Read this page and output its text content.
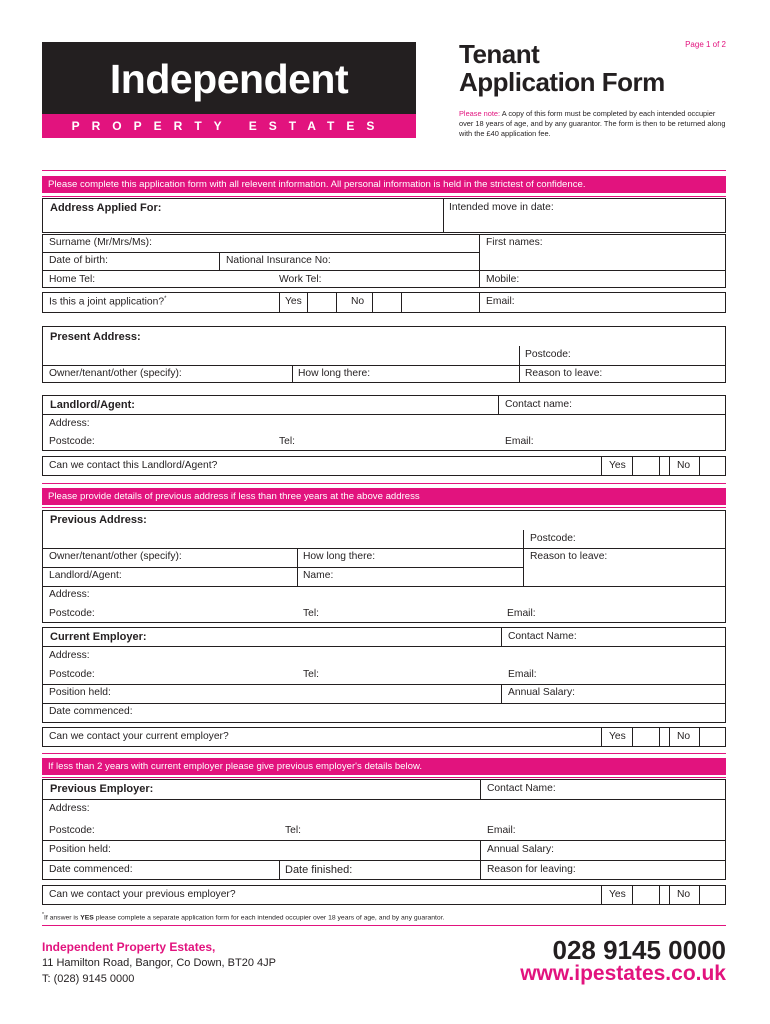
Independent
PROPERTY ESTATES
Tenant
Application Form
Page 1 of 2
Please note: A copy of this form must be completed by each intended occupier over 18 years of age, and by any guarantor. The form is then to be returned along with the £40 application fee.
Please complete this application form with all relevent information. All personal information is held in the strictest of confidence.
Address Applied For:	Intended move in date:
Surname (Mr/Mrs/Ms):	First names:
Date of birth:	National Insurance No:
Home Tel:	Work Tel:	Mobile:
Is this a joint application?*	Yes	No	Email:
Present Address:
Postcode:
Owner/tenant/other (specify):	How long there:	Reason to leave:
Landlord/Agent:	Contact name:
Address:
Postcode:	Tel:	Email:
Can we contact this Landlord/Agent?	Yes	No
Please provide details of previous address if less than three years at the above address
Previous Address:
Postcode:
Owner/tenant/other (specify):	How long there:	Reason to leave:
Landlord/Agent:	Name:
Address:
Postcode:	Tel:	Email:
Current Employer:	Contact Name:
Address:
Postcode:	Tel:	Email:
Position held:	Annual Salary:
Date commenced:
Can we contact your current employer?	Yes	No
If less than 2 years with current employer please give previous employer's details below.
Previous Employer:	Contact Name:
Address:
Postcode:	Tel:	Email:
Position held:	Annual Salary:
Date commenced:	Date finished:	Reason for leaving:
Can we contact your previous employer?	Yes	No
*If answer is YES please complete a separate application form for each intended occupier over 18 years of age, and by any guarantor.
Independent Property Estates,
11 Hamilton Road, Bangor, Co Down, BT20 4JP
T: (028) 9145 0000
028 9145 0000
www.ipestates.co.uk
